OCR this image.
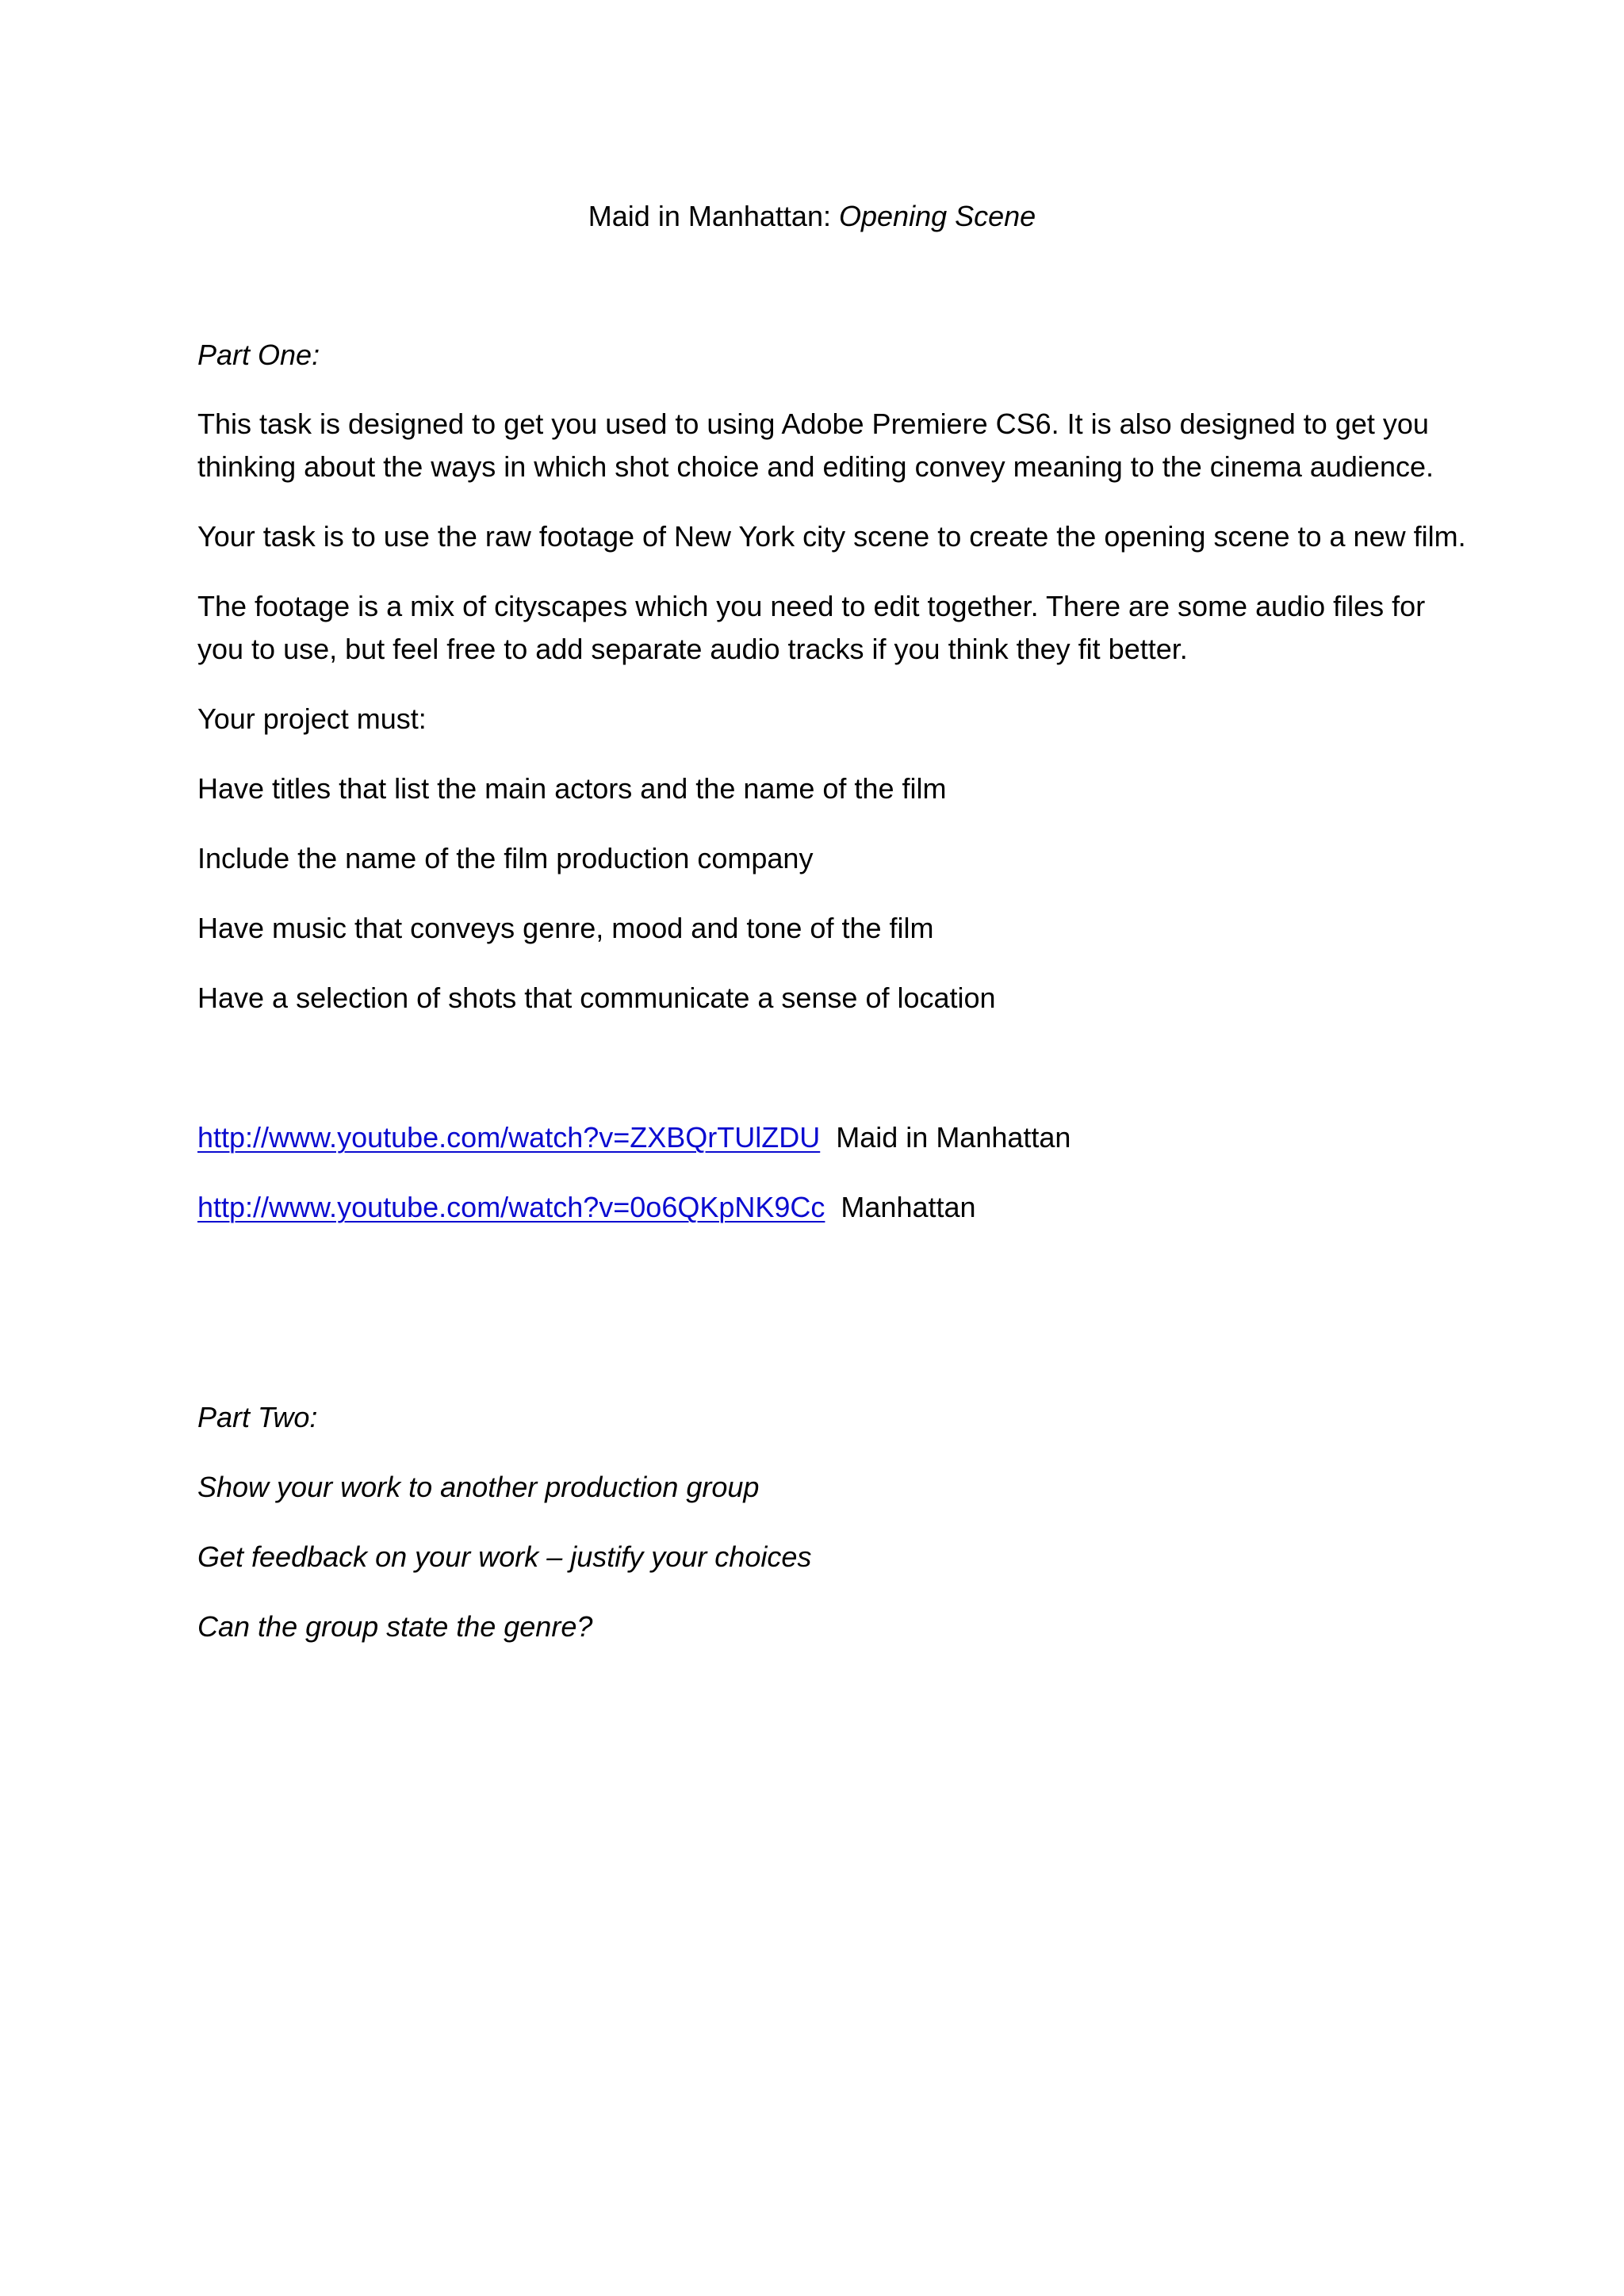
Maid in Manhattan: Opening Scene

Part One:

This task is designed to get you used to using Adobe Premiere CS6. It is also designed to get you

thinking about the ways in which shot choice and editing convey meaning to the cinema audience.

Your task is to use the raw footage of New York city scene to create the opening scene to a new film.

The footage is a mix of cityscapes which you need to edit together. There are some audio files for

you to use, but feel free to add separate audio tracks if you think they fit better.

Your project must:

Have titles that list the main actors and the name of the film

Include the name of the film production company

Have music that conveys genre, mood and tone of the film

Have a selection of shots that communicate a sense of location

http://www.youtube.com/watch?v=ZXBQrTUlZDU Maid in Manhattan

http://www.youtube.com/watch?v=0o6QKpNK9Cc Manhattan

Part Two:

Show your work to another production group

Get feedback on your work – justify your choices

Can the group state the genre?
